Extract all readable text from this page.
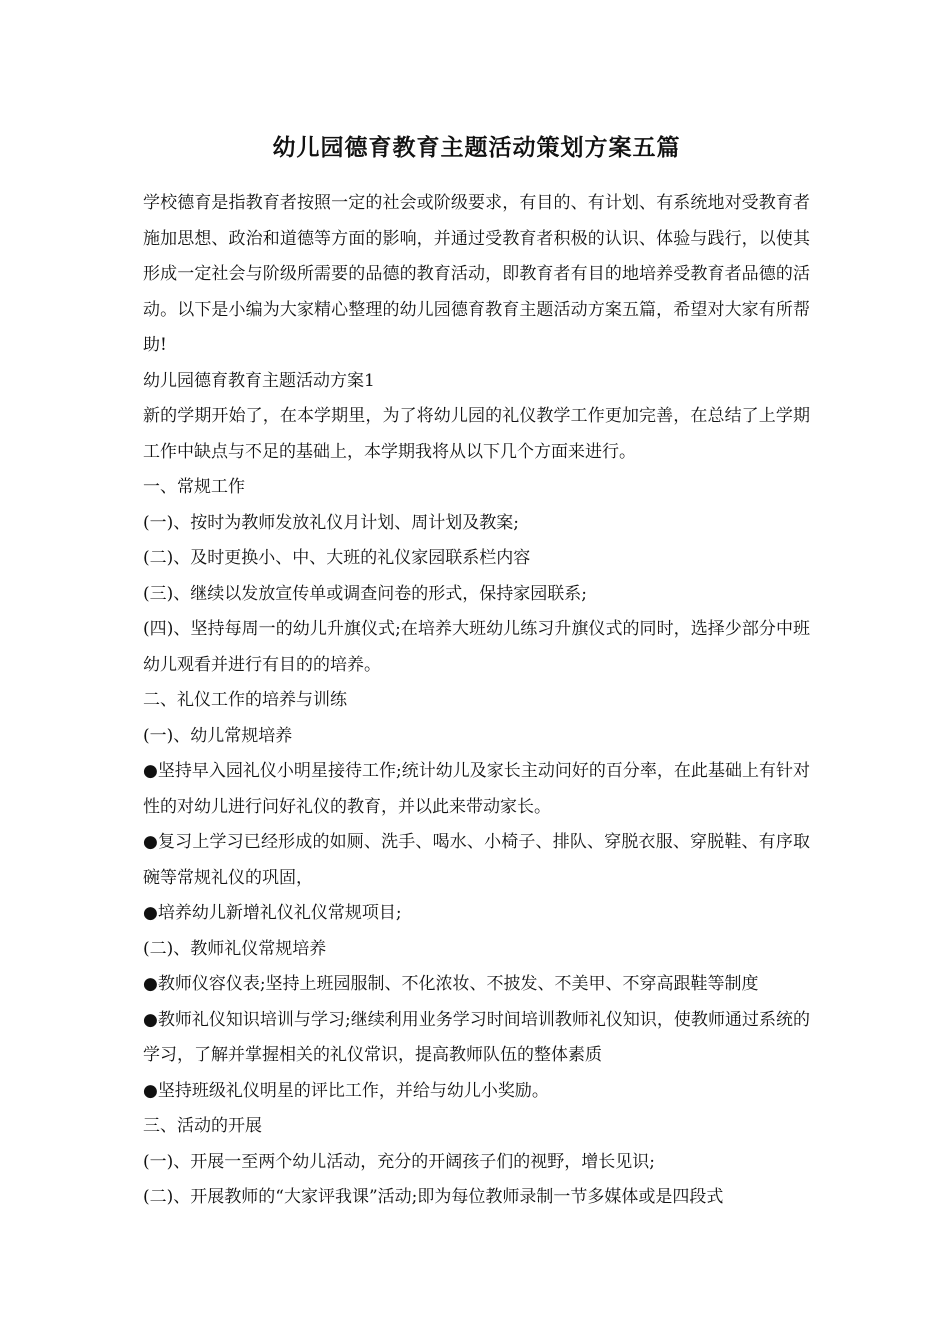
幼儿园德育教育主题活动策划方案五篇

学校德育是指教育者按照一定的社会或阶级要求，有目的、有计划、有系统地对受教育者施加思想、政治和道德等方面的影响，并通过受教育者积极的认识、体验与践行，以使其形成一定社会与阶级所需要的品德的教育活动，即教育者有目的地培养受教育者品德的活动。以下是小编为大家精心整理的幼儿园德育教育主题活动方案五篇，希望对大家有所帮助!

幼儿园德育教育主题活动方案1

新的学期开始了，在本学期里，为了将幼儿园的礼仪教学工作更加完善，在总结了上学期工作中缺点与不足的基础上，本学期我将从以下几个方面来进行。

一、常规工作

(一)、按时为教师发放礼仪月计划、周计划及教案;

(二)、及时更换小、中、大班的礼仪家园联系栏内容

(三)、继续以发放宣传单或调查问卷的形式，保持家园联系;

(四)、坚持每周一的幼儿升旗仪式;在培养大班幼儿练习升旗仪式的同时，选择少部分中班幼儿观看并进行有目的的培养。

二、礼仪工作的培养与训练

(一)、幼儿常规培养

●坚持早入园礼仪小明星接待工作;统计幼儿及家长主动问好的百分率，在此基础上有针对性的对幼儿进行问好礼仪的教育，并以此来带动家长。

●复习上学习已经形成的如厕、洗手、喝水、小椅子、排队、穿脱衣服、穿脱鞋、有序取碗等常规礼仪的巩固，

●培养幼儿新增礼仪礼仪常规项目;

(二)、教师礼仪常规培养

●教师仪容仪表;坚持上班园服制、不化浓妆、不披发、不美甲、不穿高跟鞋等制度

●教师礼仪知识培训与学习;继续利用业务学习时间培训教师礼仪知识，使教师通过系统的学习，了解并掌握相关的礼仪常识，提高教师队伍的整体素质

●坚持班级礼仪明星的评比工作，并给与幼儿小奖励。

三、活动的开展

(一)、开展一至两个幼儿活动，充分的开阔孩子们的视野，增长见识;

(二)、开展教师的“大家评我课”活动;即为每位教师录制一节多媒体或是四段式
